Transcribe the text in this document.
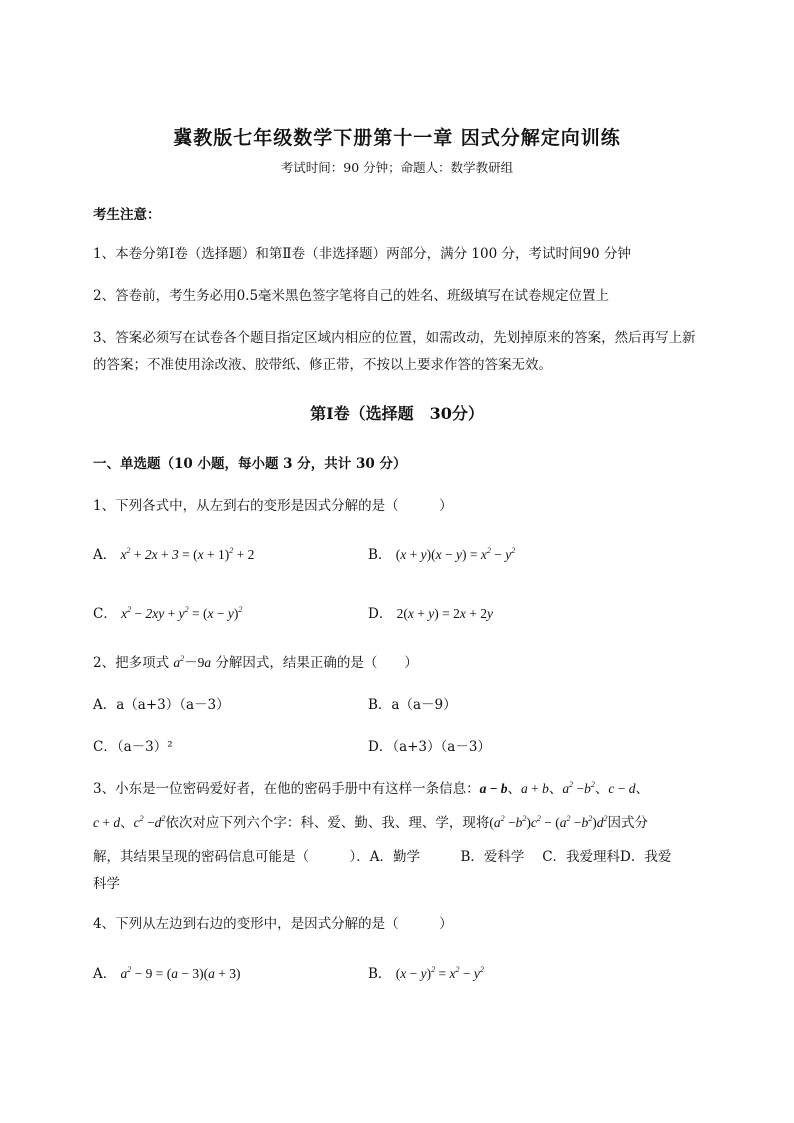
冀教版七年级数学下册第十一章 因式分解定向训练
考试时间：90 分钟；命题人：数学教研组
考生注意：
1、本卷分第Ⅰ卷（选择题）和第Ⅱ卷（非选择题）两部分，满分 100 分，考试时间90 分钟
2、答卷前，考生务必用0.5毫米黑色签字笔将自己的姓名、班级填写在试卷规定位置上
3、答案必须写在试卷各个题目指定区域内相应的位置，如需改动，先划掉原来的答案，然后再写上新
的答案；不准使用涂改液、胶带纸、修正带，不按以上要求作答的答案无效。
第Ⅰ卷（选择题　30分）
一、单选题（10 小题，每小题 3 分，共计 30 分）
1、下列各式中，从左到右的变形是因式分解的是（　　　）
A． $x^2 + 2x + 3 = (x + 1)^2 + 2$	B． $(x + y)(x - y) = x^2 - y^2$
C． $x^2 - 2xy + y^2 = (x - y)^2$	D． 2(x + y) = 2x + 2y
2、把多项式 $a^2-9a$ 分解因式，结果正确的是（　　）
A．a（a+3）（a－3）	B．a（a－9）
C．（a－3）²	D．（a+3）（a－3）
3、小东是一位密码爱好者，在他的密码手册中有这样一条信息：a − b、a + b、$a^2 -b^2$、c − d、
c + d、$c^2 -d^2$依次对应下列六个字：科、爱、勤、我、理、学，现将$(a^2 -b^2)c^2 - (a^2 -b^2)d^2$因式分
解，其结果呈现的密码信息可能是（　　　）．A．勤学　　　B．爱科学　 C．我爱理科D．我爱
科学
4、下列从左边到右边的变形中，是因式分解的是（　　　）
A． $a^2 - 9 = (a - 3)(a + 3)$	B． $(x - y)^2 = x^2 - y^2$
